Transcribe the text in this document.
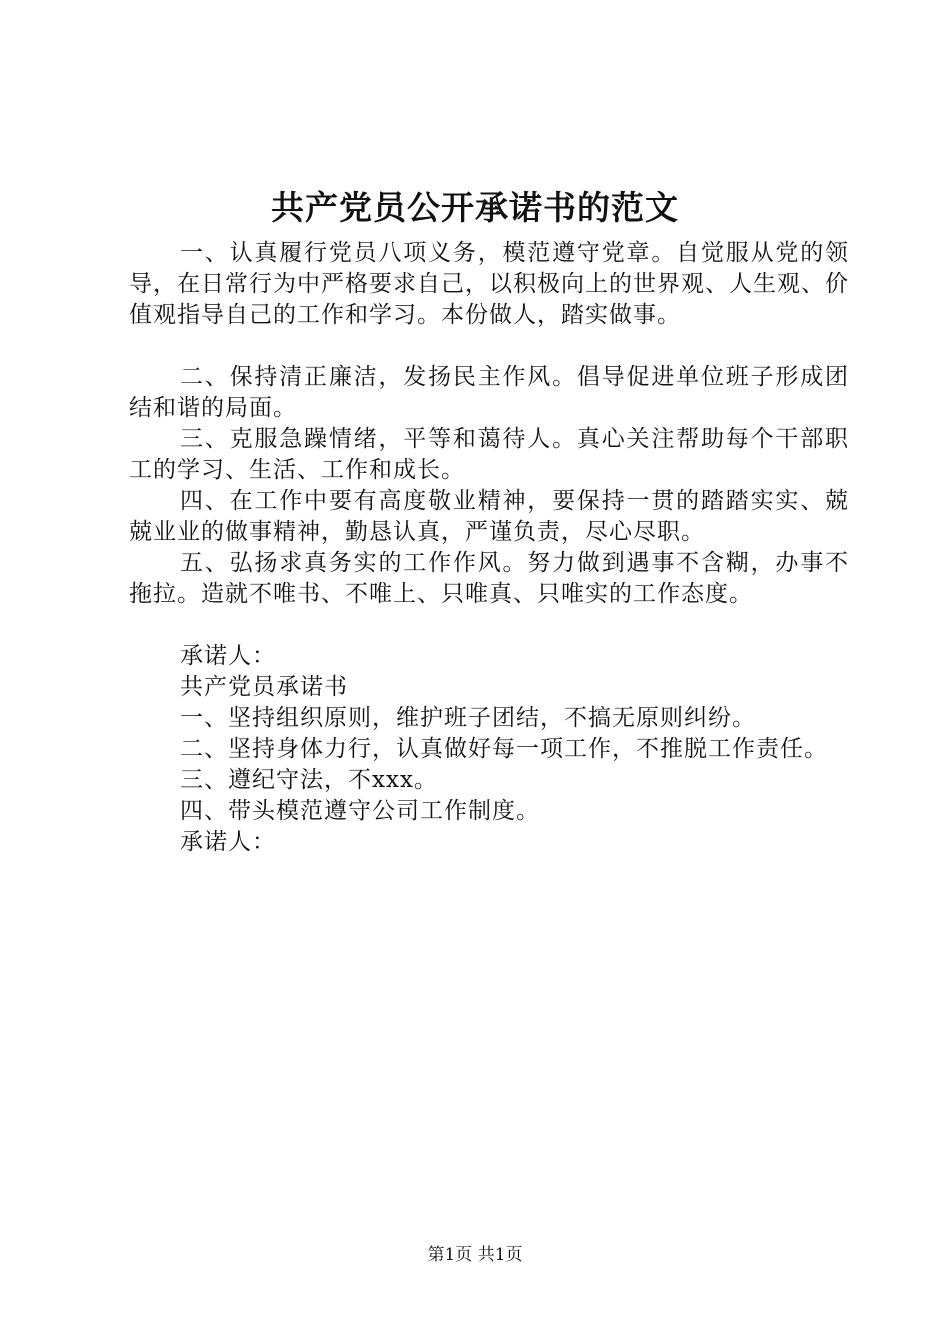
共产党员公开承诺书的范文

一、认真履行党员八项义务，模范遵守党章。自觉服从党的领导，在日常行为中严格要求自己，以积极向上的世界观、人生观、价值观指导自己的工作和学习。本份做人，踏实做事。

二、保持清正廉洁，发扬民主作风。倡导促进单位班子形成团结和谐的局面。

三、克服急躁情绪，平等和蔼待人。真心关注帮助每个干部职工的学习、生活、工作和成长。

四、在工作中要有高度敬业精神，要保持一贯的踏踏实实、兢兢业业的做事精神，勤恳认真，严谨负责，尽心尽职。

五、弘扬求真务实的工作作风。努力做到遇事不含糊，办事不拖拉。造就不唯书、不唯上、只唯真、只唯实的工作态度。

承诺人：

共产党员承诺书

一、坚持组织原则，维护班子团结，不搞无原则纠纷。

二、坚持身体力行，认真做好每一项工作，不推脱工作责任。

三、遵纪守法，不xxx。

四、带头模范遵守公司工作制度。

承诺人：

第1页 共1页
